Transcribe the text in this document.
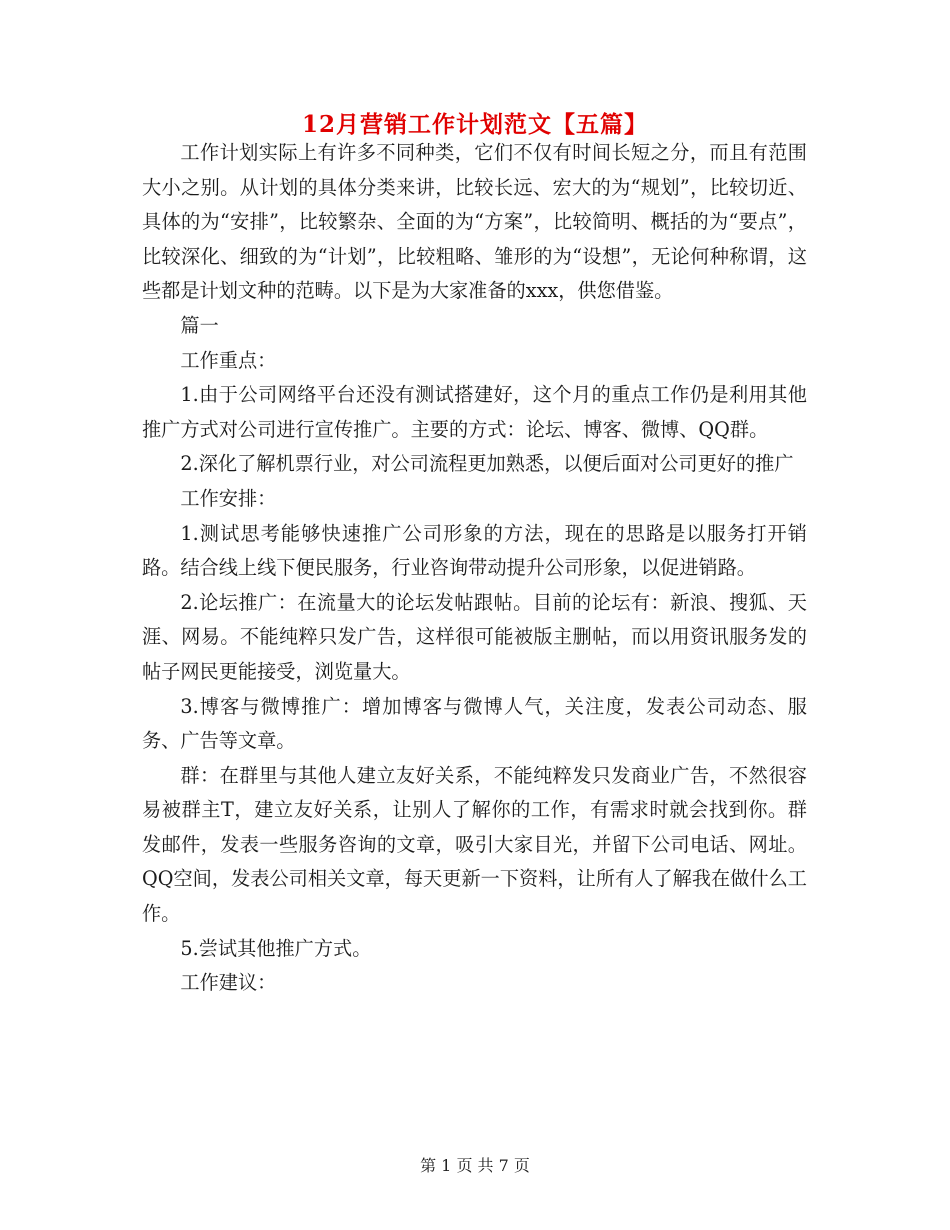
12月营销工作计划范文【五篇】

工作计划实际上有许多不同种类，它们不仅有时间长短之分，而且有范围大小之别。从计划的具体分类来讲，比较长远、宏大的为“规划”，比较切近、具体的为“安排”，比较繁杂、全面的为“方案”，比较简明、概括的为“要点”，比较深化、细致的为“计划”，比较粗略、雏形的为“设想”，无论何种称谓，这些都是计划文种的范畴。以下是为大家准备的xxx，供您借鉴。

篇一

工作重点：

1.由于公司网络平台还没有测试搭建好，这个月的重点工作仍是利用其他推广方式对公司进行宣传推广。主要的方式：论坛、博客、微博、QQ群。

2.深化了解机票行业，对公司流程更加熟悉，以便后面对公司更好的推广

工作安排：

1.测试思考能够快速推广公司形象的方法，现在的思路是以服务打开销路。结合线上线下便民服务，行业咨询带动提升公司形象，以促进销路。

2.论坛推广：在流量大的论坛发帖跟帖。目前的论坛有：新浪、搜狐、天涯、网易。不能纯粹只发广告，这样很可能被版主删帖，而以用资讯服务发的帖子网民更能接受，浏览量大。

3.博客与微博推广：增加博客与微博人气，关注度，发表公司动态、服务、广告等文章。

群：在群里与其他人建立友好关系，不能纯粹发只发商业广告，不然很容易被群主T，建立友好关系，让别人了解你的工作，有需求时就会找到你。群发邮件，发表一些服务咨询的文章，吸引大家目光，并留下公司电话、网址。QQ空间，发表公司相关文章，每天更新一下资料，让所有人了解我在做什么工作。

5.尝试其他推广方式。

工作建议：

第 1 页 共 7 页
